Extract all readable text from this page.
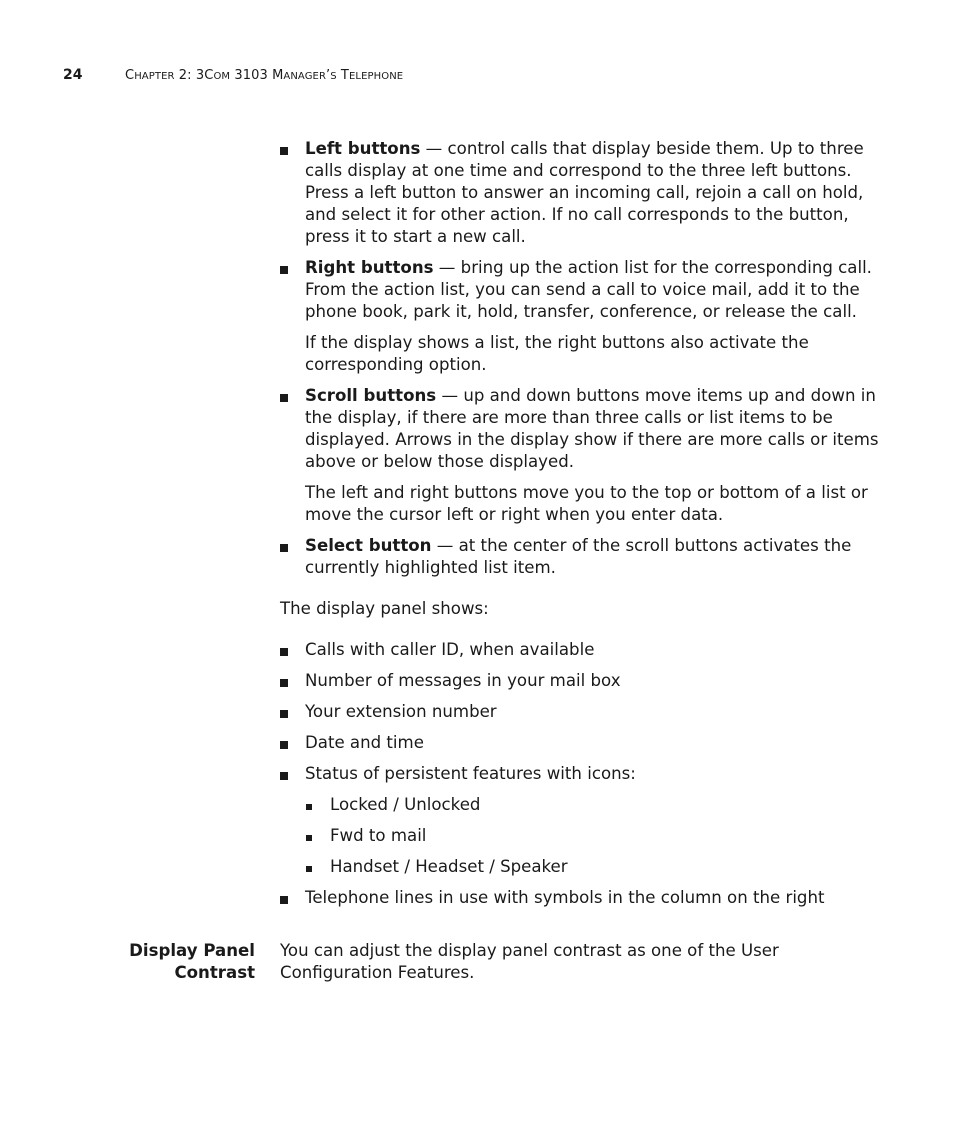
24	CHAPTER 2: 3COM 3103 MANAGER’S TELEPHONE

Left buttons — control calls that display beside them. Up to three calls display at one time and correspond to the three left buttons. Press a left button to answer an incoming call, rejoin a call on hold, and select it for other action. If no call corresponds to the button, press it to start a new call.

Right buttons — bring up the action list for the corresponding call. From the action list, you can send a call to voice mail, add it to the phone book, park it, hold, transfer, conference, or release the call.

If the display shows a list, the right buttons also activate the corresponding option.

Scroll buttons — up and down buttons move items up and down in the display, if there are more than three calls or list items to be displayed. Arrows in the display show if there are more calls or items above or below those displayed.

The left and right buttons move you to the top or bottom of a list or move the cursor left or right when you enter data.

Select button — at the center of the scroll buttons activates the currently highlighted list item.

The display panel shows:

Calls with caller ID, when available

Number of messages in your mail box

Your extension number

Date and time

Status of persistent features with icons:

Locked / Unlocked

Fwd to mail

Handset / Headset / Speaker

Telephone lines in use with symbols in the column on the right

Display Panel
Contrast
You can adjust the display panel contrast as one of the User Configuration Features.
